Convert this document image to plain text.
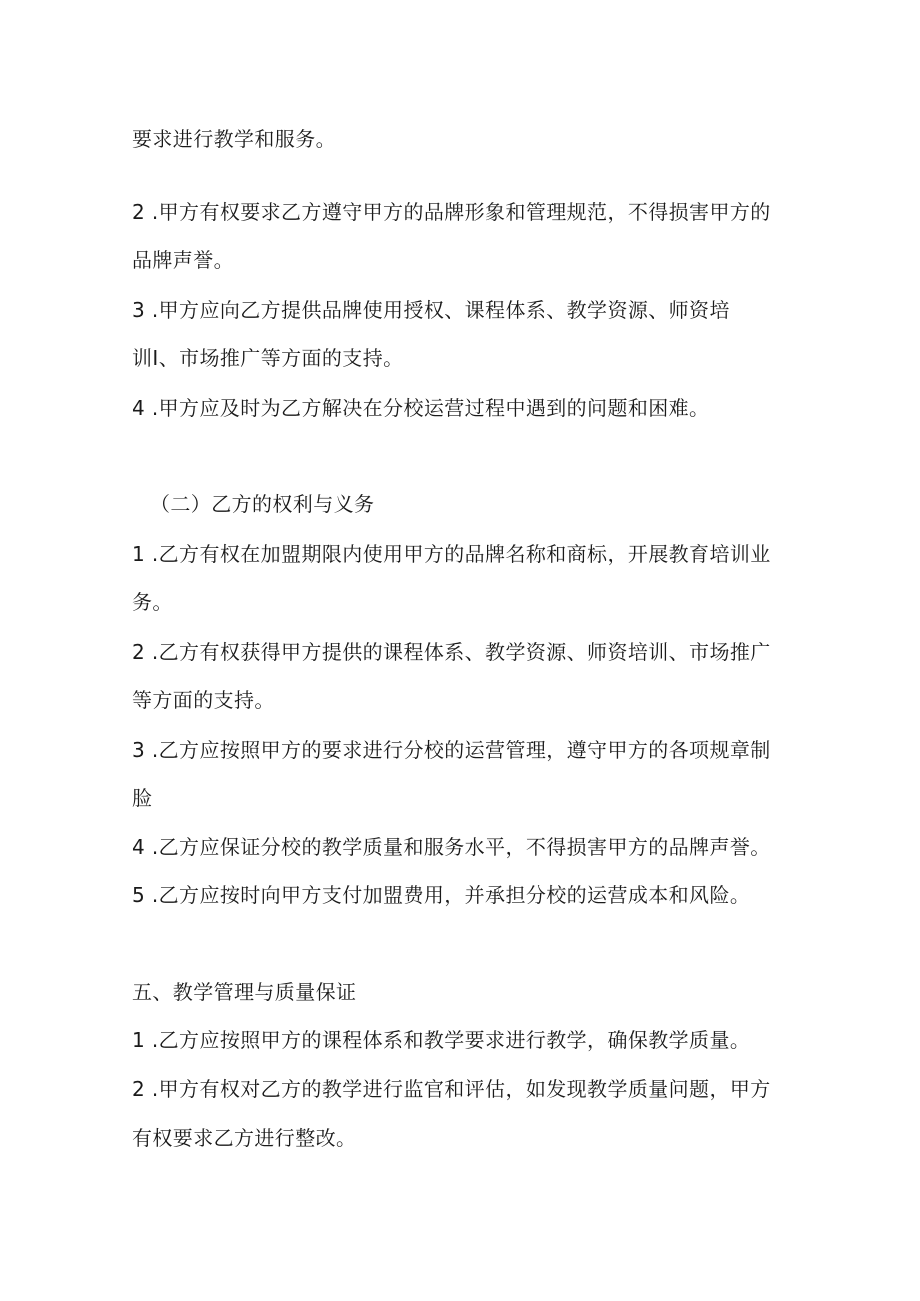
要求进行教学和服务。
2 .甲方有权要求乙方遵守甲方的品牌形象和管理规范，不得损害甲方的
品牌声誉。
3 .甲方应向乙方提供品牌使用授权、课程体系、教学资源、师资培
训I、市场推广等方面的支持。
4 .甲方应及时为乙方解决在分校运营过程中遇到的问题和困难。
（二）乙方的权利与义务
1 .乙方有权在加盟期限内使用甲方的品牌名称和商标，开展教育培训业
务。
2 .乙方有权获得甲方提供的课程体系、教学资源、师资培训、市场推广
等方面的支持。
3 .乙方应按照甲方的要求进行分校的运营管理，遵守甲方的各项规章制
脸
4 .乙方应保证分校的教学质量和服务水平，不得损害甲方的品牌声誉。
5 .乙方应按时向甲方支付加盟费用，并承担分校的运营成本和风险。
五、教学管理与质量保证
1 .乙方应按照甲方的课程体系和教学要求进行教学，确保教学质量。
2 .甲方有权对乙方的教学进行监官和评估，如发现教学质量问题，甲方
有权要求乙方进行整改。
